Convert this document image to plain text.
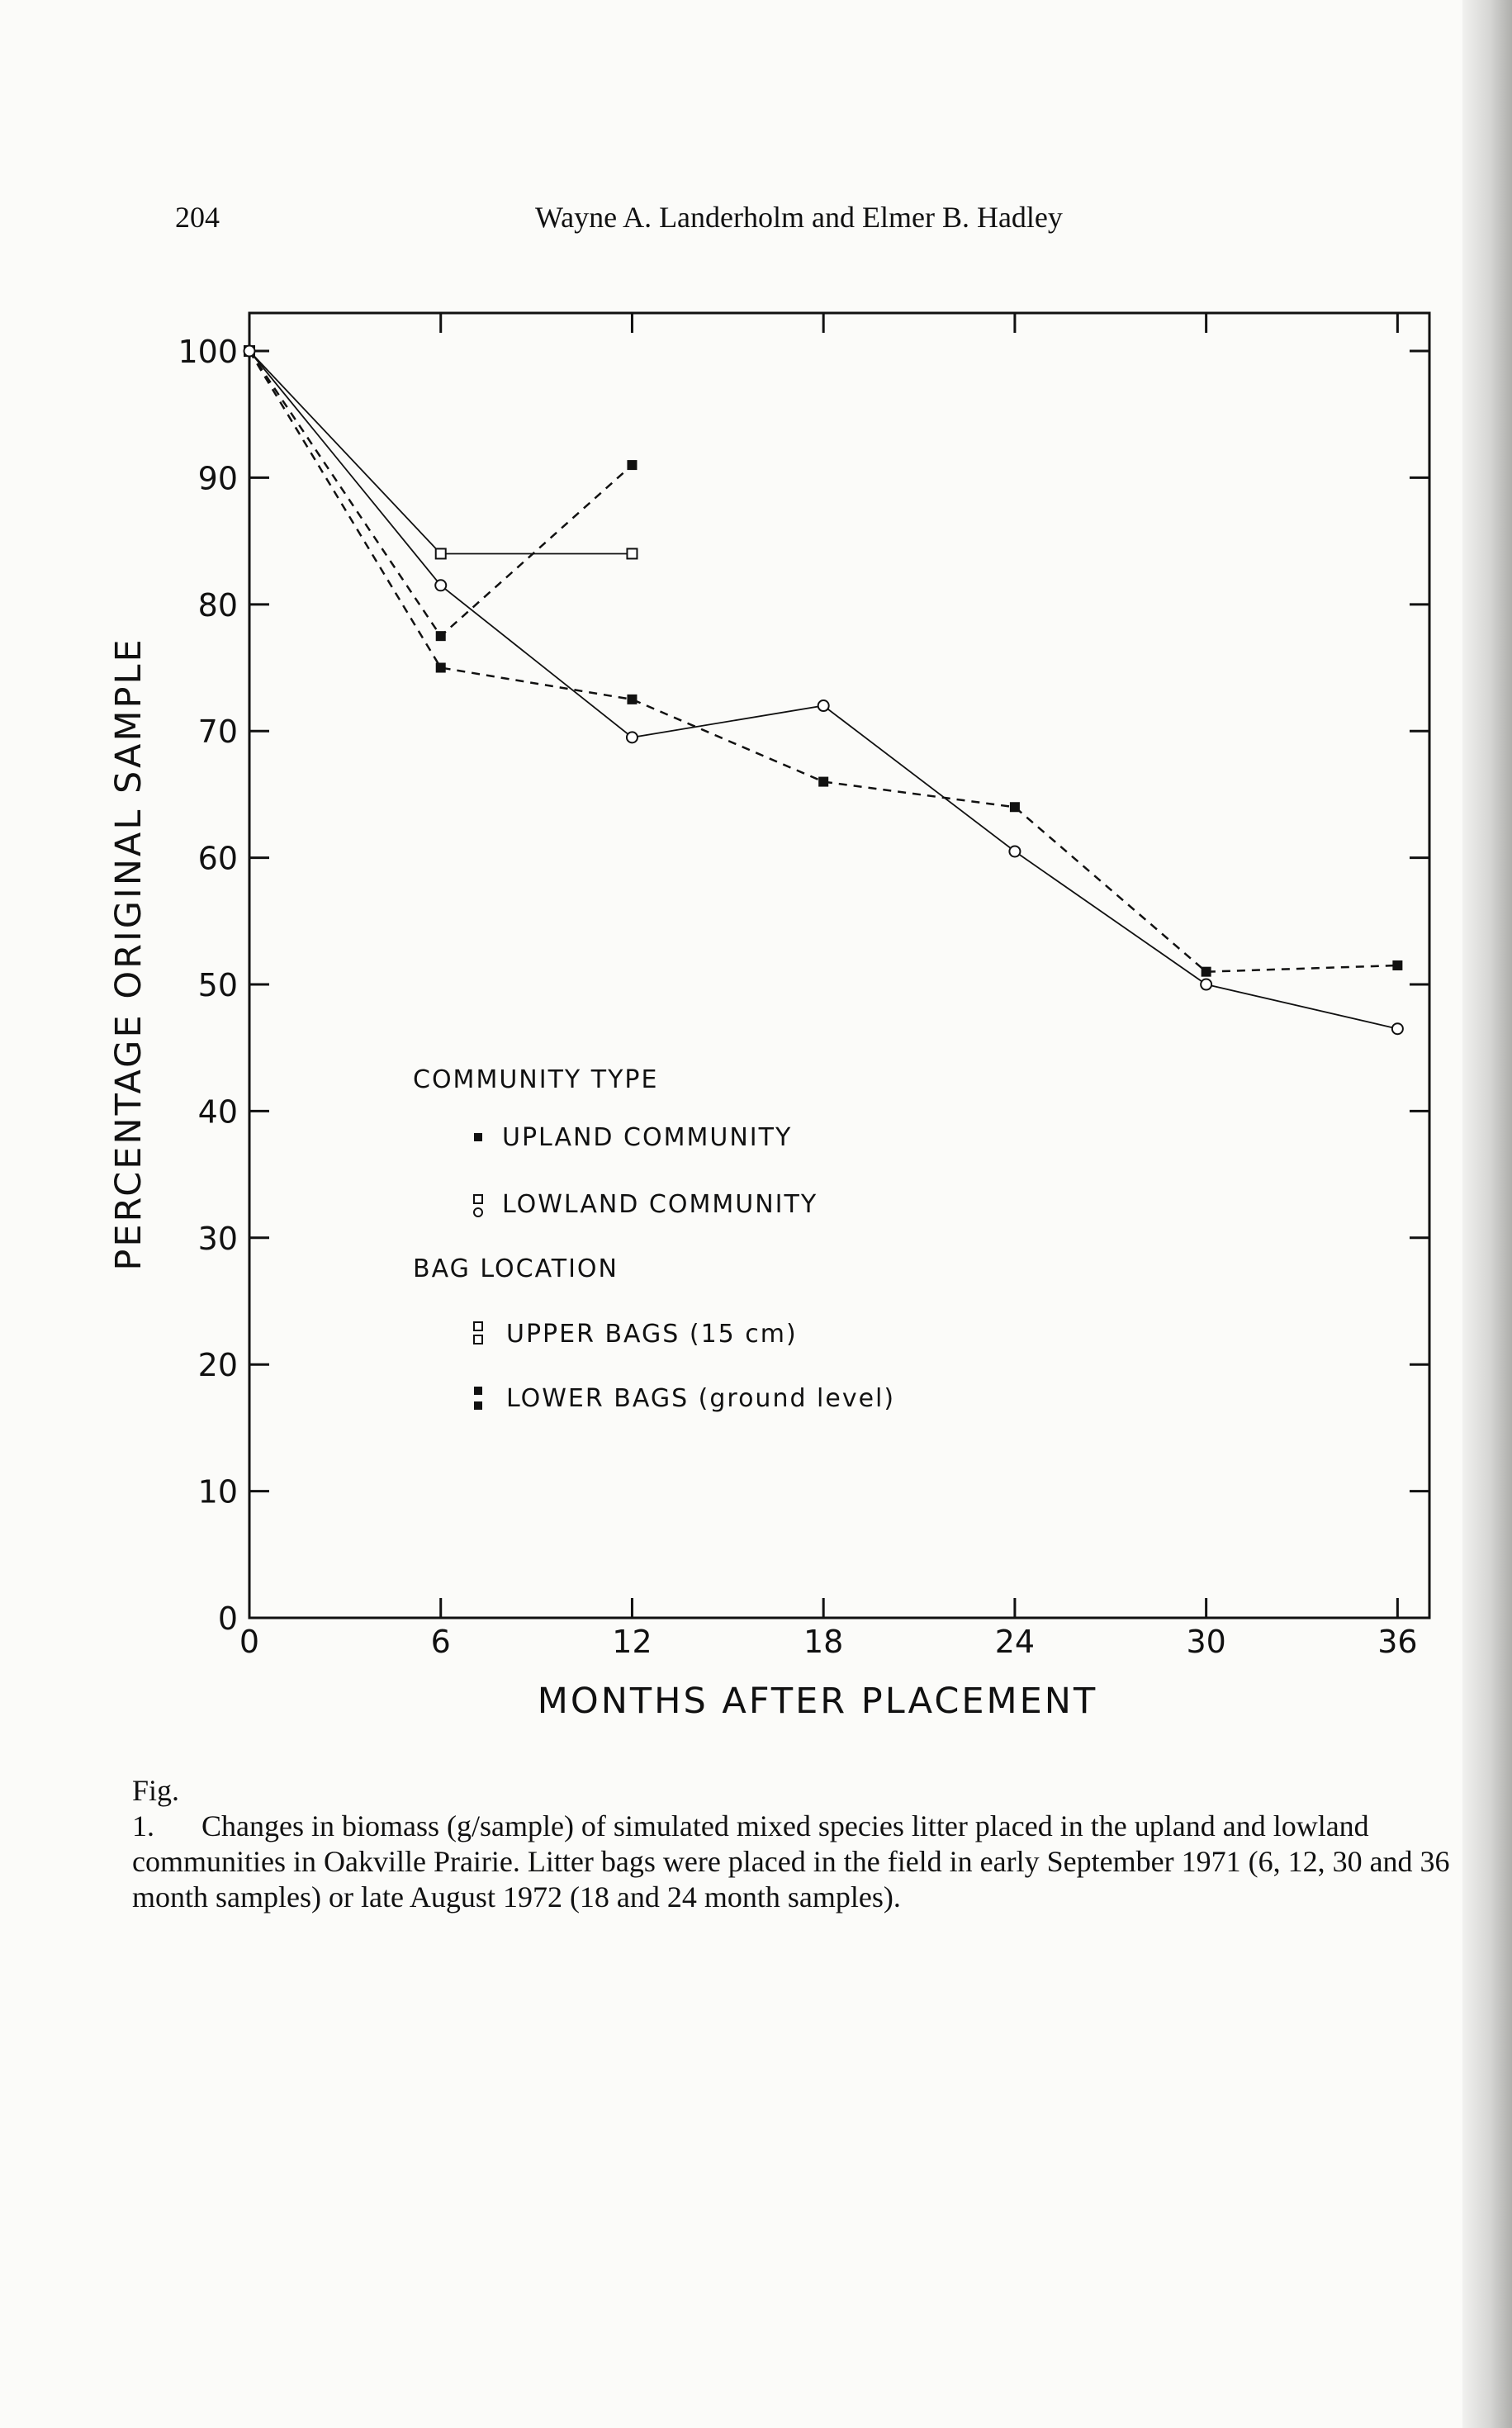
204	Wayne A. Landerholm and Elmer B. Hadley
0
10
20
30
40
50
60
70
80
90
100
0	6	12	18	24	30	36
PERCENTAGE ORIGINAL SAMPLE
MONTHS AFTER PLACEMENT
COMMUNITY TYPE
UPLAND COMMUNITY
LOWLAND COMMUNITY
BAG LOCATION
UPPER BAGS (15 cm)
LOWER BAGS (ground level)
Fig. 1. Changes in biomass (g/sample) of simulated mixed species litter placed in the upland and lowland communities in Oakville Prairie. Litter bags were placed in the field in early September 1971 (6, 12, 30 and 36 month samples) or late August 1972 (18 and 24 month samples).
